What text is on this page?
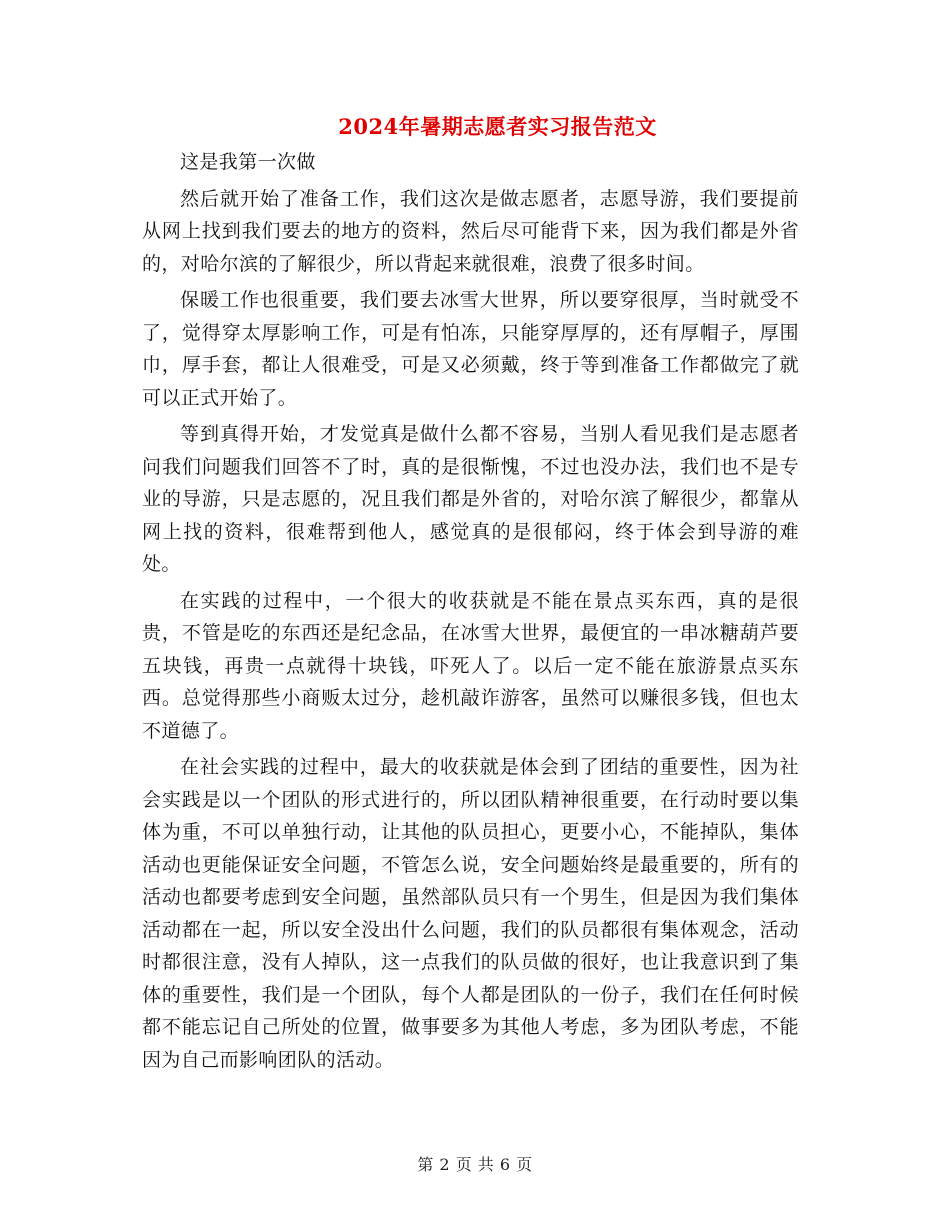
2024年暑期志愿者实习报告范文

这是我第一次做

然后就开始了准备工作，我们这次是做志愿者，志愿导游，我们要提前从网上找到我们要去的地方的资料，然后尽可能背下来，因为我们都是外省的，对哈尔滨的了解很少，所以背起来就很难，浪费了很多时间。

保暖工作也很重要，我们要去冰雪大世界，所以要穿很厚，当时就受不了，觉得穿太厚影响工作，可是有怕冻，只能穿厚厚的，还有厚帽子，厚围巾，厚手套，都让人很难受，可是又必须戴，终于等到准备工作都做完了就可以正式开始了。

等到真得开始，才发觉真是做什么都不容易，当别人看见我们是志愿者问我们问题我们回答不了时，真的是很惭愧，不过也没办法，我们也不是专业的导游，只是志愿的，况且我们都是外省的，对哈尔滨了解很少，都靠从网上找的资料，很难帮到他人，感觉真的是很郁闷，终于体会到导游的难处。

在实践的过程中，一个很大的收获就是不能在景点买东西，真的是很贵，不管是吃的东西还是纪念品，在冰雪大世界，最便宜的一串冰糖葫芦要五块钱，再贵一点就得十块钱，吓死人了。以后一定不能在旅游景点买东西。总觉得那些小商贩太过分，趁机敲诈游客，虽然可以赚很多钱，但也太不道德了。

在社会实践的过程中，最大的收获就是体会到了团结的重要性，因为社会实践是以一个团队的形式进行的，所以团队精神很重要，在行动时要以集体为重，不可以单独行动，让其他的队员担心，更要小心，不能掉队，集体活动也更能保证安全问题，不管怎么说，安全问题始终是最重要的，所有的活动也都要考虑到安全问题，虽然部队员只有一个男生，但是因为我们集体活动都在一起，所以安全没出什么问题，我们的队员都很有集体观念，活动时都很注意，没有人掉队，这一点我们的队员做的很好，也让我意识到了集体的重要性，我们是一个团队，每个人都是团队的一份子，我们在任何时候都不能忘记自己所处的位置，做事要多为其他人考虑，多为团队考虑，不能因为自己而影响团队的活动。

第 2 页 共 6 页
